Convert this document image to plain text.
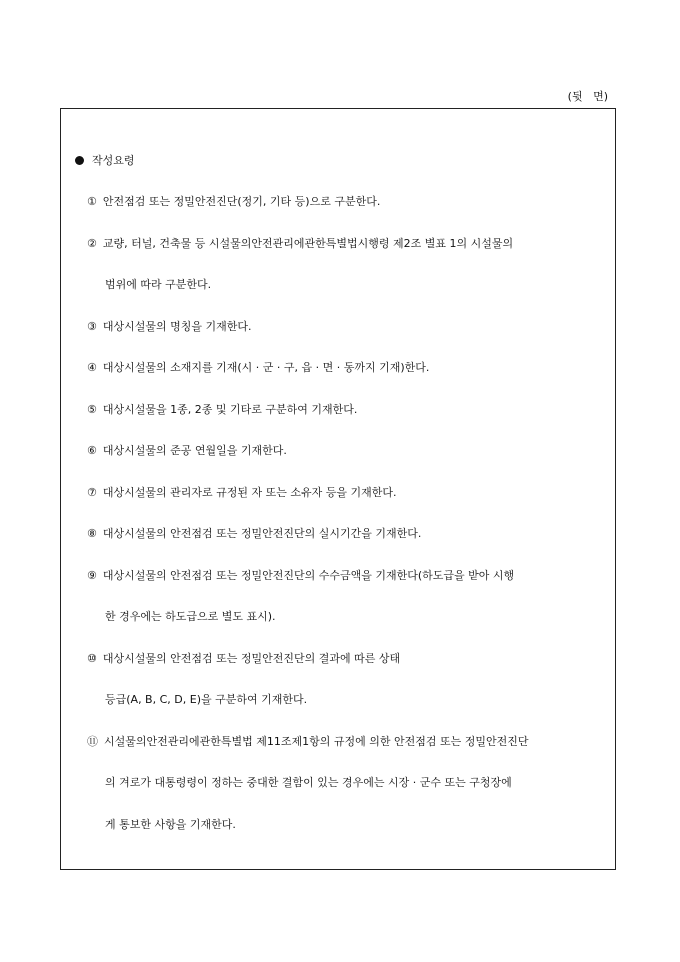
(뒷   면)
작성요령
① 안전점검 또는 정밀안전진단(정기, 기타 등)으로 구분한다.
② 교량, 터널, 건축물 등 시설물의안전관리에관한특별법시행령 제2조 별표 1의 시설물의
범위에 따라 구분한다.
③ 대상시설물의 명칭을 기재한다.
④ 대상시설물의 소재지를 기재(시 · 군 · 구, 읍 · 면 · 동까지 기재)한다.
⑤ 대상시설물을 1종, 2종 및 기타로 구분하여 기재한다.
⑥ 대상시설물의 준공 연월일을 기재한다.
⑦ 대상시설물의 관리자로 규정된 자 또는 소유자 등을 기재한다.
⑧ 대상시설물의 안전점검 또는 정밀안전진단의 실시기간을 기재한다.
⑨ 대상시설물의 안전점검 또는 정밀안전진단의 수수금액을 기재한다(하도급을 받아 시행
한 경우에는 하도급으로 별도 표시).
⑩ 대상시설물의 안전점검 또는 정밀안전진단의 결과에 따른 상태
등급(A, B, C, D, E)을 구분하여 기재한다.
⑪ 시설물의안전관리에관한특별법 제11조제1항의 규정에 의한 안전점검 또는 정밀안전진단
의 겨로가 대통령령이 정하는 중대한 결함이 있는 경우에는 시장 · 군수 또는 구청장에
게 통보한 사항을 기재한다.
